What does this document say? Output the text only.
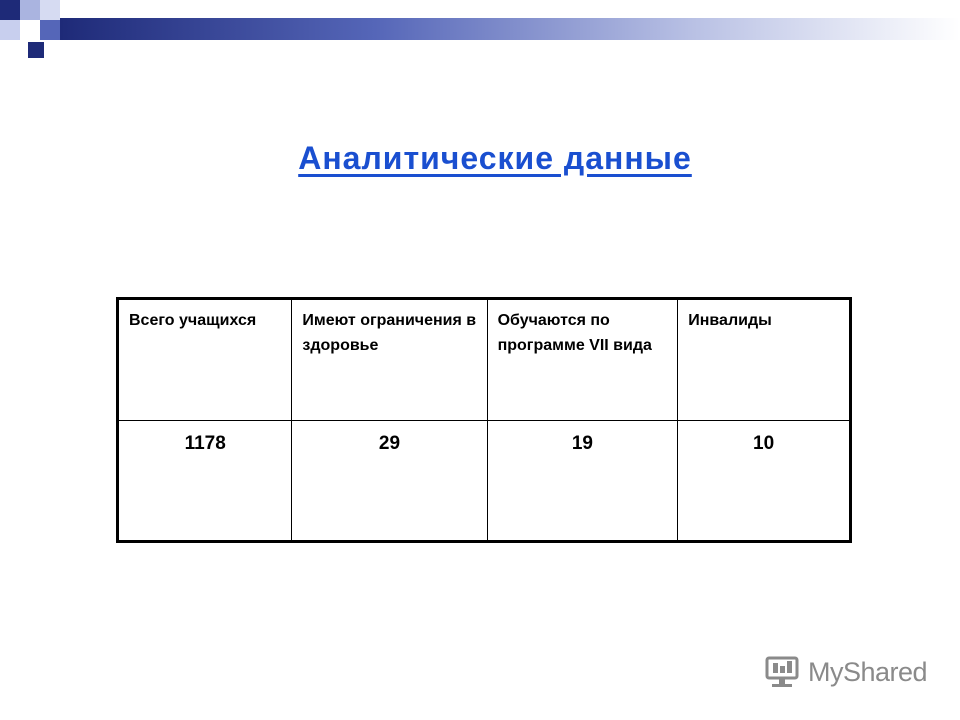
Аналитические данные
Всего учащихся	Имеют ограничения в здоровье	Обучаются по программе VII вида	Инвалиды
1178	29	19	10
MyShared
